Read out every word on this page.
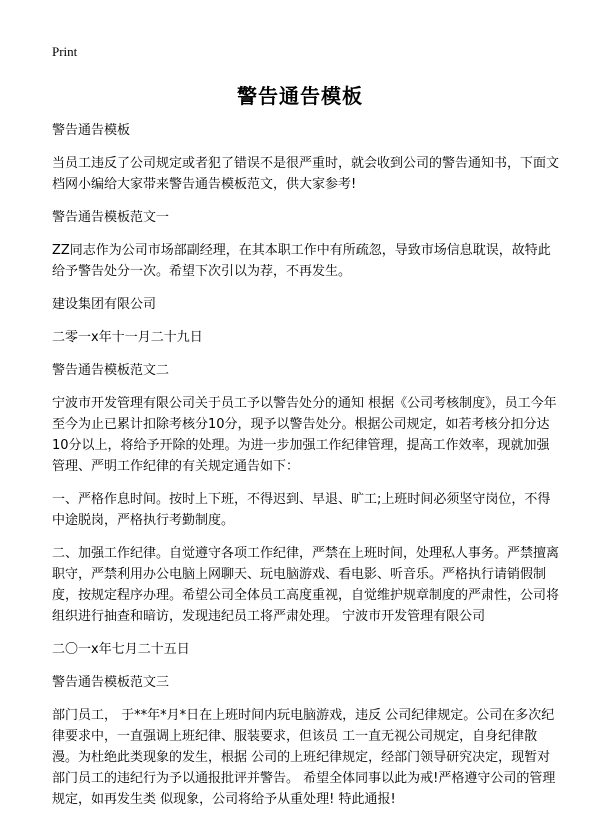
Print
警告通告模板

警告通告模板

当员工违反了公司规定或者犯了错误不是很严重时，就会收到公司的警告通知书，下面文档网小编给大家带来警告通告模板范文，供大家参考!

警告通告模板范文一

ZZ同志作为公司市场部副经理，在其本职工作中有所疏忽，导致市场信息耽误，故特此给予警告处分一次。希望下次引以为荐，不再发生。

建设集团有限公司

二零一x年十一月二十九日

警告通告模板范文二

宁波市开发管理有限公司关于员工予以警告处分的通知 根据《公司考核制度》，员工今年至今为止已累计扣除考核分10分，现予以警告处分。根据公司规定，如若考核分扣分达10分以上，将给予开除的处理。为进一步加强工作纪律管理，提高工作效率，现就加强管理、严明工作纪律的有关规定通告如下：

一、严格作息时间。按时上下班，不得迟到、早退、旷工;上班时间必须坚守岗位，不得中途脱岗，严格执行考勤制度。

二、加强工作纪律。自觉遵守各项工作纪律，严禁在上班时间，处理私人事务。严禁擅离职守，严禁利用办公电脑上网聊天、玩电脑游戏、看电影、听音乐。严格执行请销假制度，按规定程序办理。希望公司全体员工高度重视，自觉维护规章制度的严肃性，公司将组织进行抽查和暗访，发现违纪员工将严肃处理。 宁波市开发管理有限公司

二〇一x年七月二十五日

警告通告模板范文三

部门员工， 于**年*月*日在上班时间内玩电脑游戏，违反 公司纪律规定。公司在多次纪律要求中，一直强调上班纪律、服装要求，但该员 工一直无视公司规定，自身纪律散漫。为杜绝此类现象的发生，根据 公司的上班纪律规定，经部门领导研究决定，现暂对部门员工的违纪行为予以通报批评并警告。 希望全体同事以此为戒!严格遵守公司的管理规定，如再发生类 似现象，公司将给予从重处理! 特此通报!
